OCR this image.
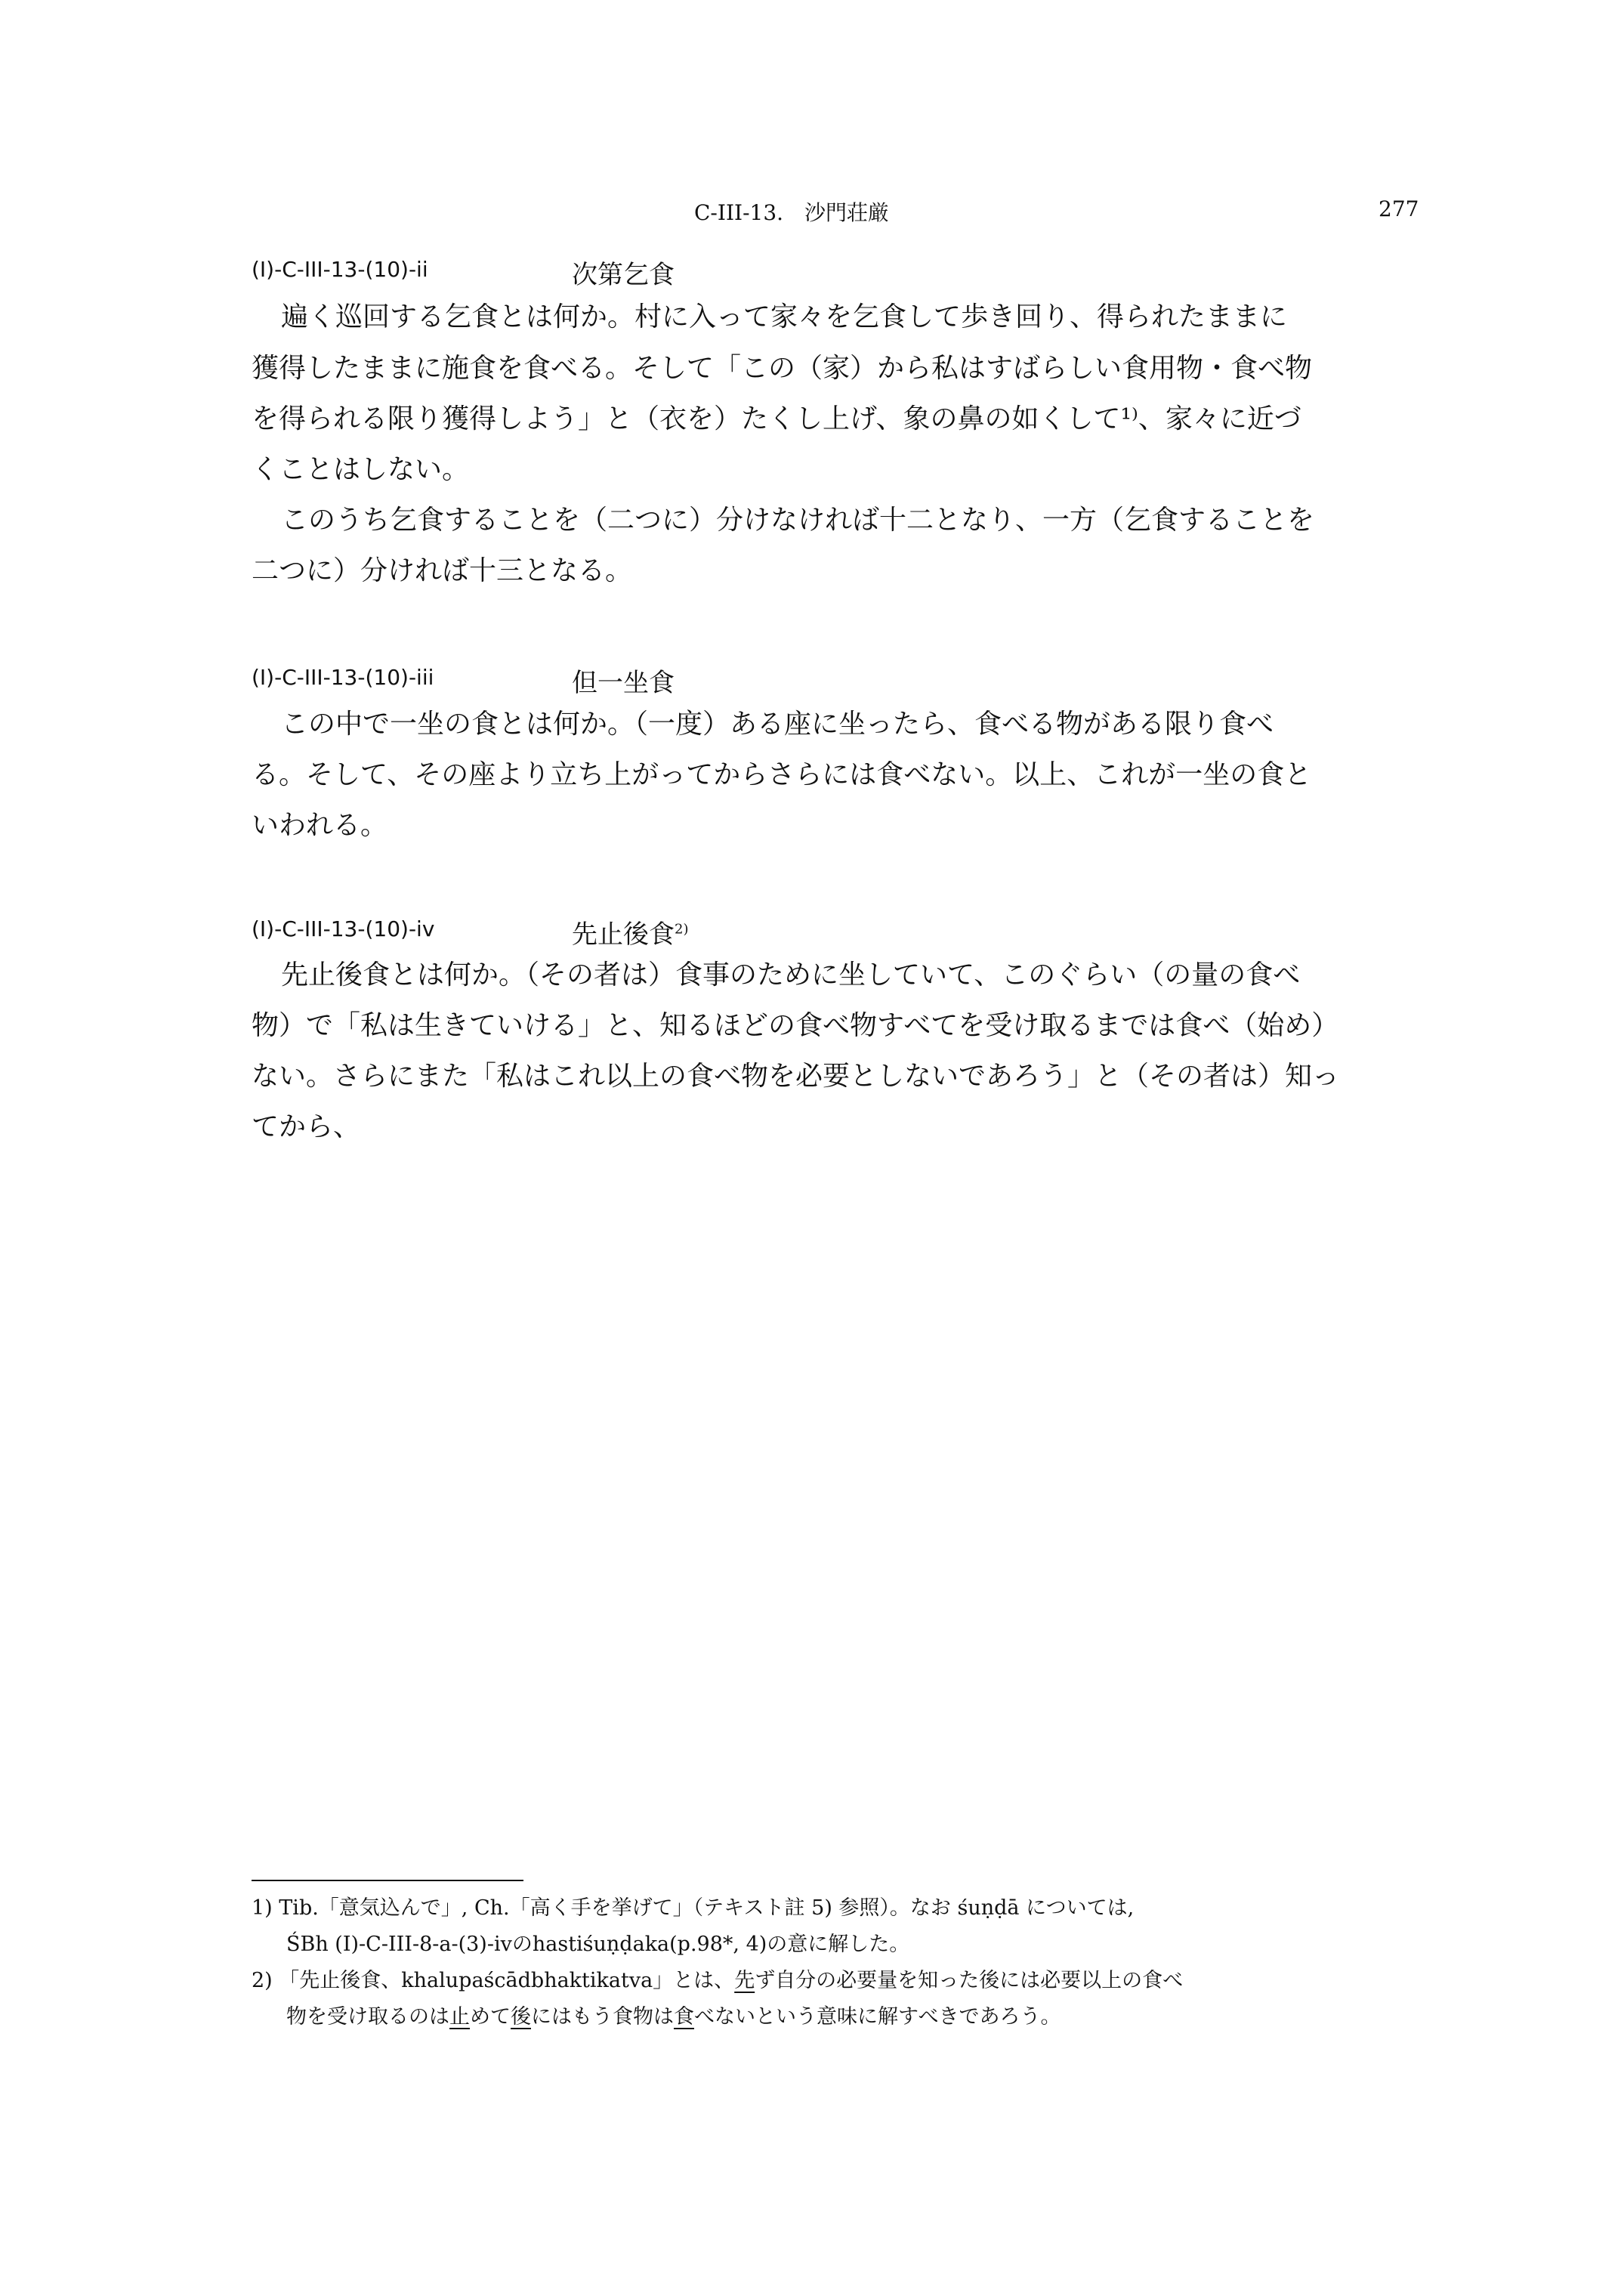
C-III-13.　沙門荘厳	277
(I)-C-III-13-(10)-ii	次第乞食
遍く巡回する乞食とは何か。村に入って家々を乞食して歩き回り、得られたままに
獲得したままに施食を食べる。そして「この（家）から私はすばらしい食用物・食べ物
を得られる限り獲得しよう」と（衣を）たくし上げ、象の鼻の如くして¹⁾、家々に近づ
くことはしない。
このうち乞食することを（二つに）分けなければ十二となり、一方（乞食することを
二つに）分ければ十三となる。
(I)-C-III-13-(10)-iii	但一坐食
この中で一坐の食とは何か。（一度）ある座に坐ったら、食べる物がある限り食べ
る。そして、その座より立ち上がってからさらには食べない。以上、これが一坐の食と
いわれる。
(I)-C-III-13-(10)-iv	先止後食$^{2)}$
先止後食とは何か。（その者は）食事のために坐していて、このぐらい（の量の食べ
物）で「私は生きていける」と、知るほどの食べ物すべてを受け取るまでは食べ（始め）
ない。さらにまた「私はこれ以上の食べ物を必要としないであろう」と（その者は）知っ
てから、
1) Tib.「意気込んで」, Ch.「高く手を挙げて」（テキスト註 5) 参照）。なお śuṇḍā については,
ŚBh (I)-C-III-8-a-(3)-ivのhastiśuṇḍaka(p.98*, 4)の意に解した。
2) 「先止後食、khalupaścādbhaktikatva」とは、先ず自分の必要量を知った後には必要以上の食べ
物を受け取るのは止めて後にはもう食物は食べないという意味に解すべきであろう。
